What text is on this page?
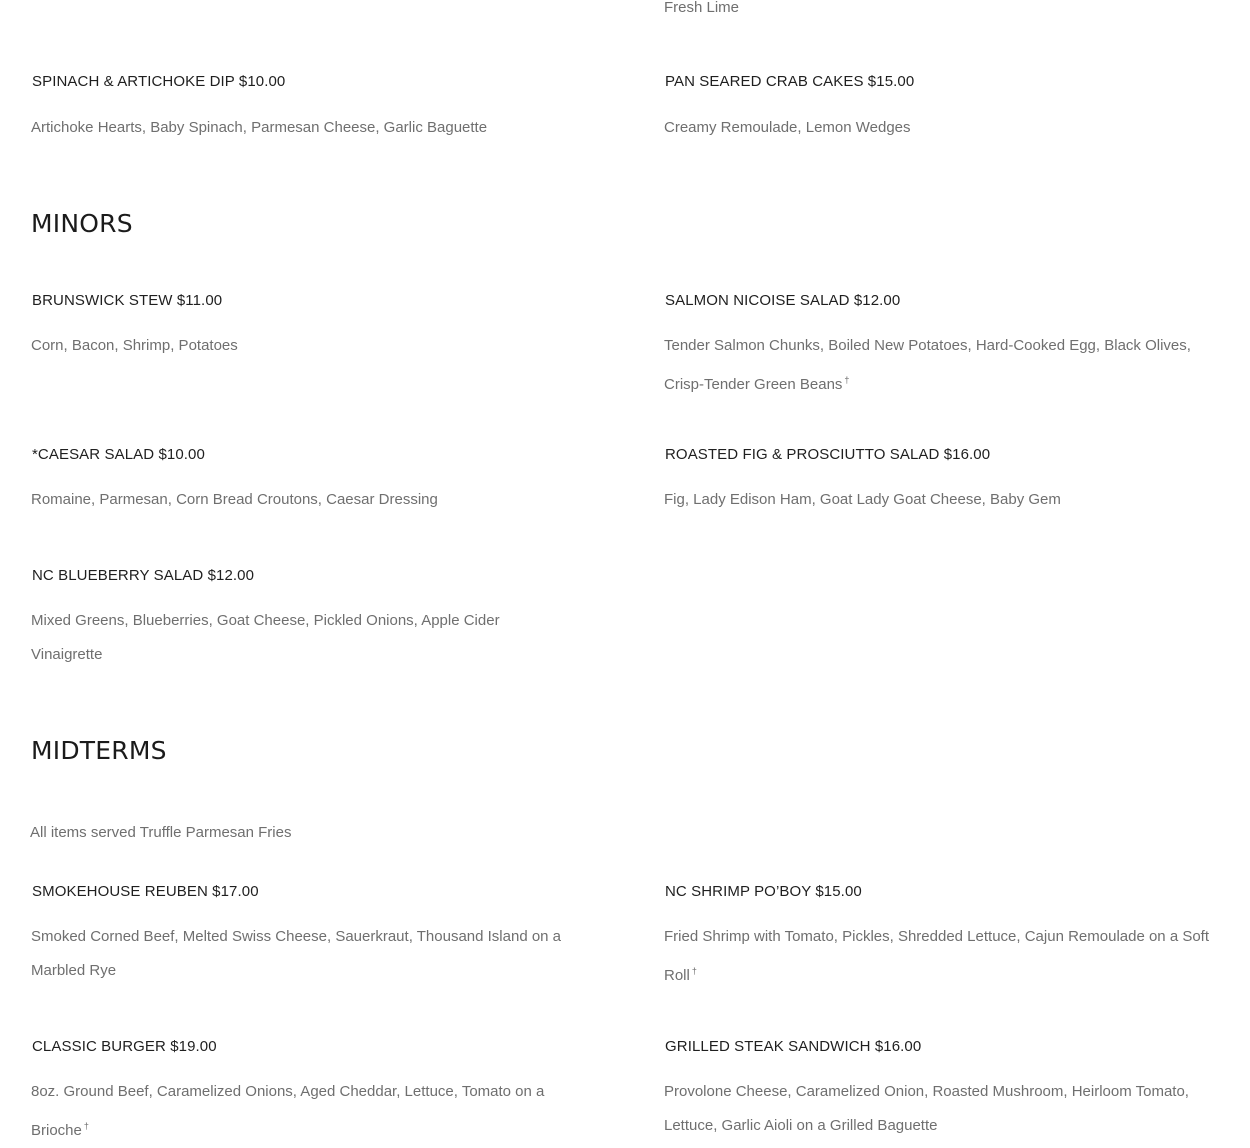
Fresh Lime
SPINACH & ARTICHOKE DIP $10.00
Artichoke Hearts, Baby Spinach, Parmesan Cheese, Garlic Baguette
PAN SEARED CRAB CAKES $15.00
Creamy Remoulade, Lemon Wedges
MINORS
BRUNSWICK STEW $11.00
Corn, Bacon, Shrimp, Potatoes
SALMON NICOISE SALAD $12.00
Tender Salmon Chunks, Boiled New Potatoes, Hard-Cooked Egg, Black Olives, Crisp-Tender Green Beans †
*CAESAR SALAD $10.00
Romaine, Parmesan, Corn Bread Croutons, Caesar Dressing
ROASTED FIG & PROSCIUTTO SALAD $16.00
Fig, Lady Edison Ham, Goat Lady Goat Cheese, Baby Gem
NC BLUEBERRY SALAD $12.00
Mixed Greens, Blueberries, Goat Cheese, Pickled Onions, Apple Cider Vinaigrette
MIDTERMS
All items served Truffle Parmesan Fries
SMOKEHOUSE REUBEN $17.00
Smoked Corned Beef, Melted Swiss Cheese, Sauerkraut, Thousand Island on a Marbled Rye
NC SHRIMP PO’BOY $15.00
Fried Shrimp with Tomato, Pickles, Shredded Lettuce, Cajun Remoulade on a Soft Roll †
CLASSIC BURGER $19.00
8oz. Ground Beef, Caramelized Onions, Aged Cheddar, Lettuce, Tomato on a Brioche †
GRILLED STEAK SANDWICH $16.00
Provolone Cheese, Caramelized Onion, Roasted Mushroom, Heirloom Tomato, Lettuce, Garlic Aioli on a Grilled Baguette
